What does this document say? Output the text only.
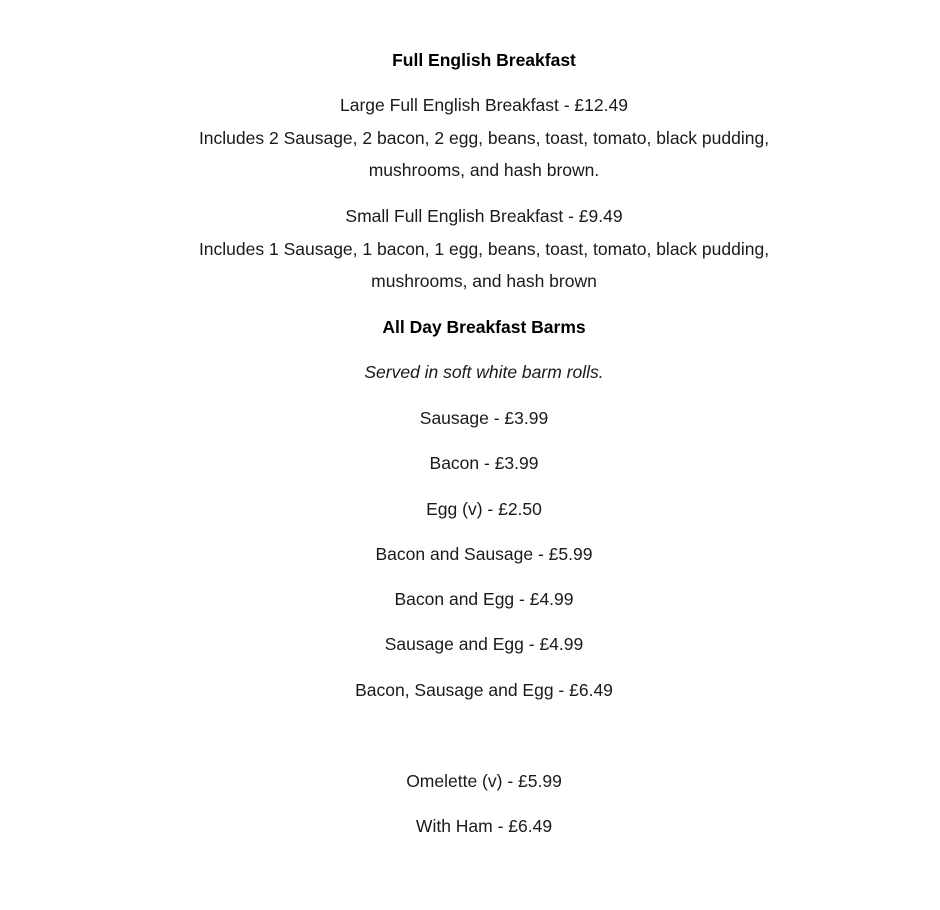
Full English Breakfast
Large Full English Breakfast - £12.49
Includes 2 Sausage, 2 bacon, 2 egg, beans, toast, tomato, black pudding,
mushrooms, and hash brown.
Small Full English Breakfast - £9.49
Includes 1 Sausage, 1 bacon, 1 egg, beans, toast, tomato, black pudding,
mushrooms, and hash brown
All Day Breakfast Barms
Served in soft white barm rolls.
Sausage - £3.99
Bacon - £3.99
Egg (v) - £2.50
Bacon and Sausage - £5.99
Bacon and Egg - £4.99
Sausage and Egg - £4.99
Bacon, Sausage and Egg - £6.49
Omelette (v) - £5.99
With Ham - £6.49
